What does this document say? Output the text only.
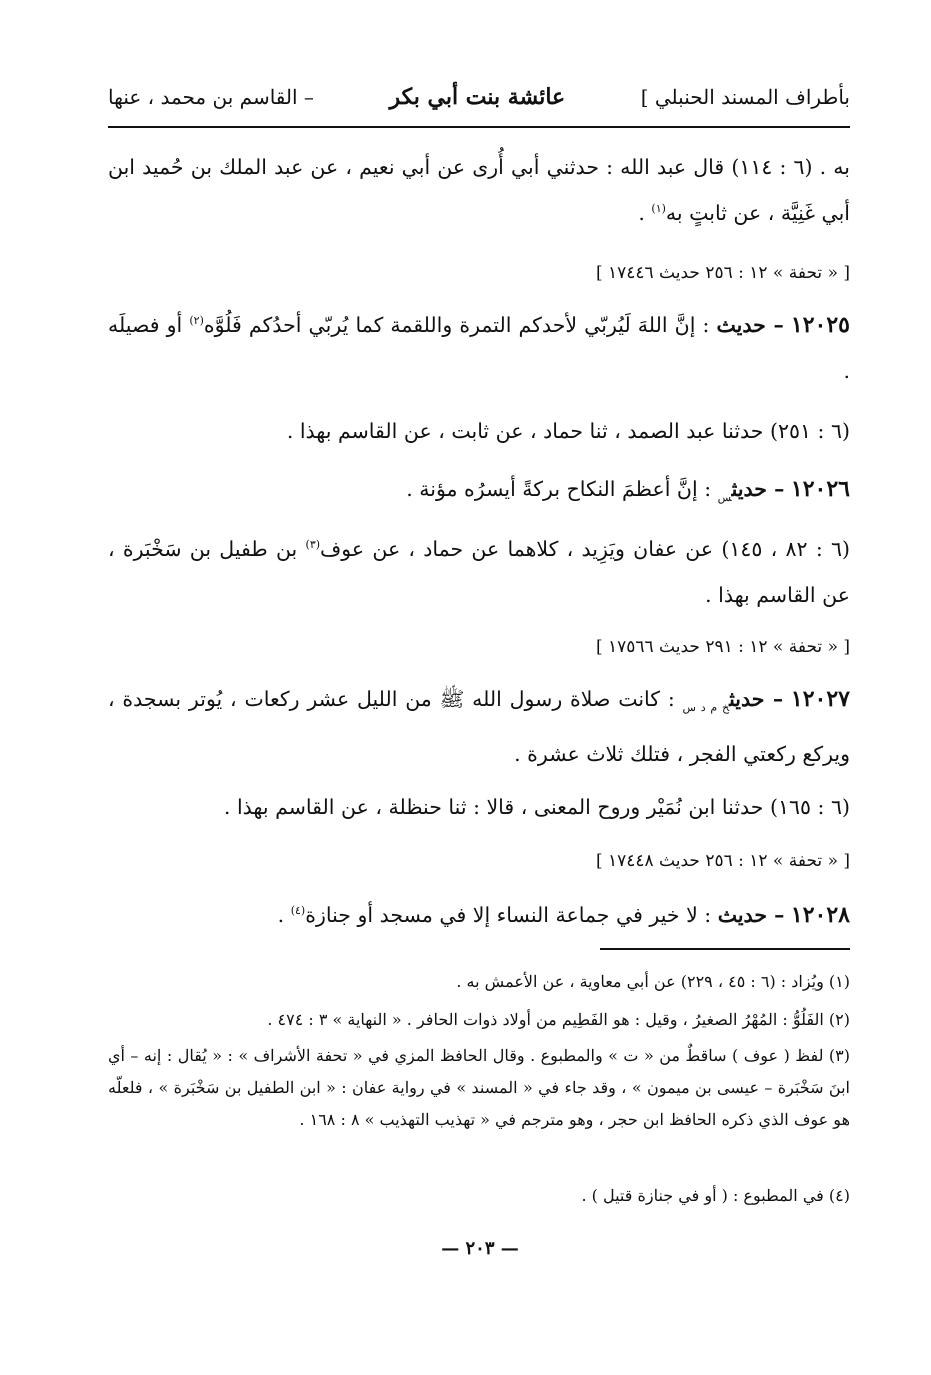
بأطراف المسند الحنبلي ]
عائشة بنت أبي بكر
– القاسم بن محمد ، عنها
به . (٦ : ١١٤) قال عبد الله : حدثني أبي أُرى عن أبي نعيم ، عن عبد الملك بن حُميد ابن أبي غَنِيَّة ، عن ثابتٍ به$^{(١)}$ .
[ « تحفة » ١٢ : ٢٥٦ حديث ١٧٤٤٦ ]
١٢٠٢٥ – حديث : إنَّ اللهَ لَيُربّي لأحدكم التمرة واللقمة كما يُربّي أحدُكم فَلُوَّه$^{(٢)}$ أو فصيلَه .
(٦ : ٢٥١) حدثنا عبد الصمد ، ثنا حماد ، عن ثابت ، عن القاسم بهذا .
١٢٠٢٦ – حديث$_س$ : إنَّ أعظمَ النكاح بركةً أيسرُه مؤنة .
(٦ : ٨٢ ، ١٤٥) عن عفان ويَزِيد ، كلاهما عن حماد ، عن عوف$^{(٣)}$ بن طفيل بن سَخْبَرة ، عن القاسم بهذا .
[ « تحفة » ١٢ : ٢٩١ حديث ١٧٥٦٦ ]
١٢٠٢٧ – حديث$_{خ م د س}$ : كانت صلاة رسول الله ﷺ من الليل عشر ركعات ، يُوتر بسجدة ، ويركع ركعتي الفجر ، فتلك ثلاث عشرة .
(٦ : ١٦٥) حدثنا ابن نُمَيْر وروح المعنى ، قالا : ثنا حنظلة ، عن القاسم بهذا .
[ « تحفة » ١٢ : ٢٥٦ حديث ١٧٤٤٨ ]
١٢٠٢٨ – حديث : لا خير في جماعة النساء إلا في مسجد أو جنازة$^{(٤)}$ .
(١) ويُزاد : (٦ : ٤٥ ، ٢٢٩) عن أبي معاوية ، عن الأعمش به .
(٢) الفَلُوُّ : المُهْرُ الصغيرُ ، وقيل : هو الفَطِيم من أولاد ذوات الحافر . « النهاية » ٣ : ٤٧٤ .
(٣) لفظ ( عوف ) ساقطٌ من « ت » والمطبوع . وقال الحافظ المزي في « تحفة الأشراف » : « يُقال : إنه – أي ابنَ سَخْبَرة – عيسى بن ميمون » ، وقد جاء في « المسند » في رواية عفان : « ابن الطفيل بن سَخْبَرة » ، فلعلّه هو عوف الذي ذكره الحافظ ابن حجر ، وهو مترجم في « تهذيب التهذيب » ٨ : ١٦٨ .
(٤) في المطبوع : ( أو في جنازة قتيل ) .
— ٢٠٣ —
